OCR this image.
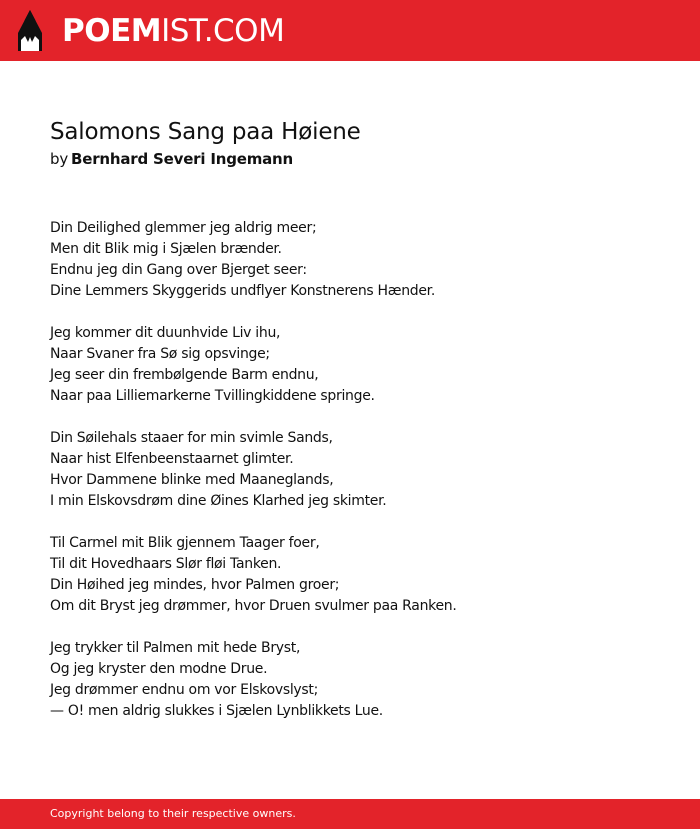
POEMIST.COM
Salomons Sang paa Høiene
by Bernhard Severi Ingemann
Din Deilighed glemmer jeg aldrig meer;
Men dit Blik mig i Sjælen brænder.
Endnu jeg din Gang over Bjerget seer:
Dine Lemmers Skyggerids undflyer Konstnerens Hænder.
Jeg kommer dit duunhvide Liv ihu,
Naar Svaner fra Sø sig opsvinge;
Jeg seer din frembølgende Barm endnu,
Naar paa Lilliemarkerne Tvillingkiddene springe.
Din Søilehals staaer for min svimle Sands,
Naar hist Elfenbeenstaarnet glimter.
Hvor Dammene blinke med Maaneglands,
I min Elskovsdrøm dine Øines Klarhed jeg skimter.
Til Carmel mit Blik gjennem Taager foer,
Til dit Hovedhaars Slør fløi Tanken.
Din Høihed jeg mindes, hvor Palmen groer;
Om dit Bryst jeg drømmer, hvor Druen svulmer paa Ranken.
Jeg trykker til Palmen mit hede Bryst,
Og jeg kryster den modne Drue.
Jeg drømmer endnu om vor Elskovslyst;
— O! men aldrig slukkes i Sjælen Lynblikkets Lue.
Copyright belong to their respective owners.
